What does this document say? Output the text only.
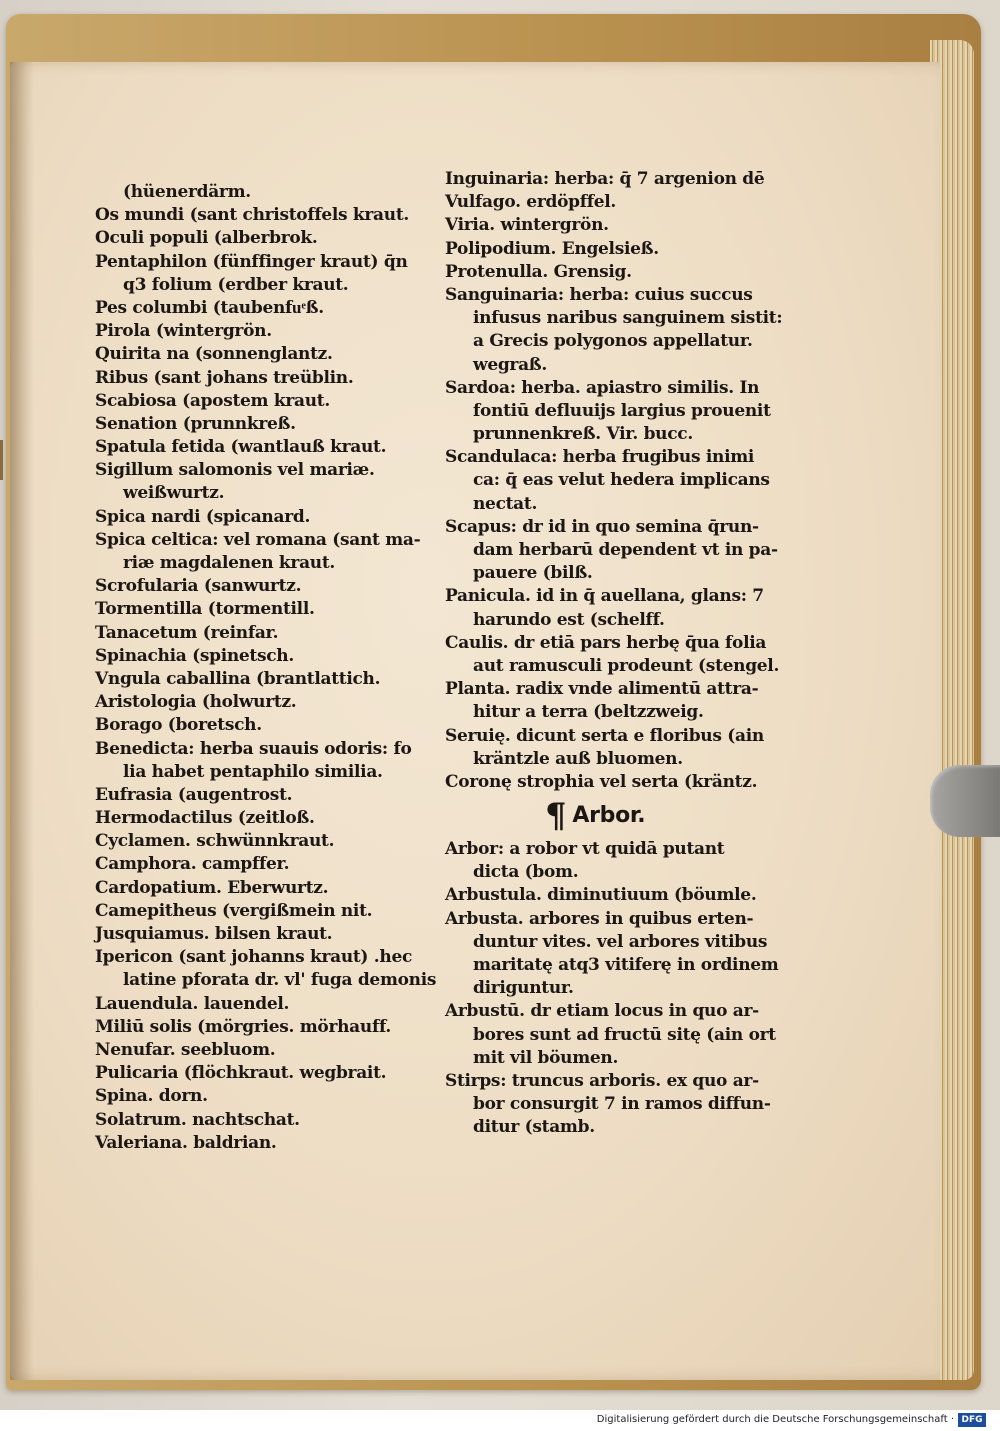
(hüenerdärm.
Os mundi (sant christoffels kraut.
Oculi populi (alberbrok.
Pentaphilon (fünffinger kraut) q̄n
q3 folium (erdber kraut.
Pes columbi (taubenfuͤß.
Pirola (wintergrön.
Quirita na (sonnenglantz.
Ribus (sant johans treüblin.
Scabiosa (apostem kraut.
Senation (prunnkreß.
Spatula fetida (wantlauß kraut.
Sigillum salomonis vel mariæ.
weißwurtz.
Spica nardi (spicanard.
Spica celtica: vel romana (sant ma-
riæ magdalenen kraut.
Scrofularia (sanwurtz.
Tormentilla (tormentill.
Tanacetum (reinfar.
Spinachia (spinetsch.
Vngula caballina (brantlattich.
Aristologia (holwurtz.
Borago (boretsch.
Benedicta: herba suauis odoris: fo
lia habet pentaphilo similia.
Eufrasia (augentrost.
Hermodactilus (zeitloß.
Cyclamen. schwünnkraut.
Camphora. campffer.
Cardopatium. Eberwurtz.
Camepitheus (vergißmein nit.
Jusquiamus. bilsen kraut.
Ipericon (sant johanns kraut) .hec
latine pforata dr. vl' fuga demonis
Lauendula. lauendel.
Miliū solis (mörgries. mörhauff.
Nenufar. seebluom.
Pulicaria (flöchkraut. wegbrait.
Spina. dorn.
Solatrum. nachtschat.
Valeriana. baldrian.
Inguinaria: herba: q̄ 7 argenion dē
Vulfago. erdöpffel.
Viria. wintergrön.
Polipodium. Engelsieß.
Protenulla. Grensig.
Sanguinaria: herba: cuius succus
infusus naribus sanguinem sistit:
a Grecis polygonos appellatur.
wegraß.
Sardoa: herba. apiastro similis. In
fontiū defluuijs largius prouenit
prunnenkreß. Vir. bucc.
Scandulaca: herba frugibus inimi
ca: q̄ eas velut hedera implicans
nectat.
Scapus: dr id in quo semina q̄run-
dam herbarū dependent vt in pa-
pauere (bilß.
Panicula. id in q̄ auellana, glans: 7
harundo est (schelff.
Caulis. dr etiā pars herbę q̄ua folia
aut ramusculi prodeunt (stengel.
Planta. radix vnde alimentū attra-
hitur a terra (beltzzweig.
Seruię. dicunt serta e floribus (ain
kräntzle auß bluomen.
Coronę strophia vel serta (kräntz.
¶ Arbor.
Arbor: a robor vt quidā putant
dicta (bom.
Arbustula. diminutiuum (böumle.
Arbusta. arbores in quibus erten-
duntur vites. vel arbores vitibus
maritatę atq3 vitiferę in ordinem
diriguntur.
Arbustū. dr etiam locus in quo ar-
bores sunt ad fructū sitę (ain ort
mit vil böumen.
Stirps: truncus arboris. ex quo ar-
bor consurgit 7 in ramos diffun-
ditur (stamb.
Digitalisierung gefördert durch die Deutsche Forschungsgemeinschaft · DFG
